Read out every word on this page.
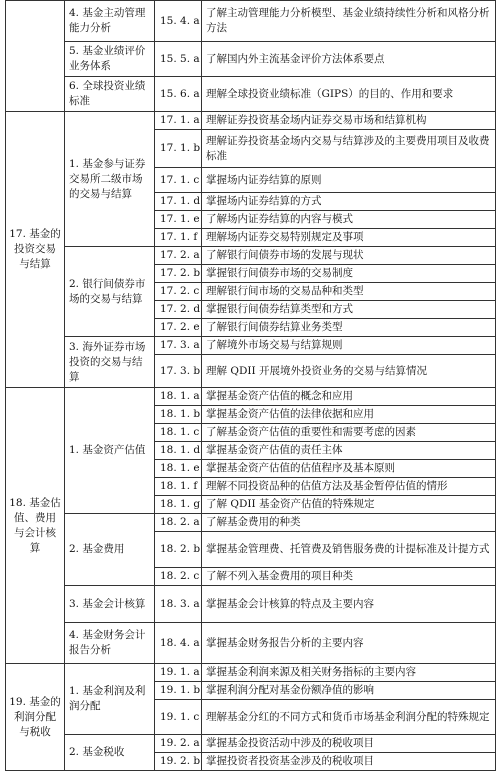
	4. 基金主动管理能力分析	15. 4. a	了解主动管理能力分析模型、基金业绩持续性分析和风格分析方法
	5. 基金业绩评价业务体系	15. 5. a	了解国内外主流基金评价方法体系要点
	6. 全球投资业绩标准	15. 6. a	理解全球投资业绩标准（GIPS）的目的、作用和要求
17. 基金的投资交易与结算	1. 基金参与证券交易所二级市场的交易与结算	17. 1. a	理解证券投资基金场内证券交易市场和结算机构
		17. 1. b	理解证券投资基金场内交易与结算涉及的主要费用项目及收费标准
		17. 1. c	掌握场内证券结算的原则
		17. 1. d	掌握场内证券结算的方式
		17. 1. e	了解场内证券结算的内容与模式
		17. 1. f	理解场内证券交易特别规定及事项
	2. 银行间债券市场的交易与结算	17. 2. a	了解银行间债券市场的发展与现状
		17. 2. b	掌握银行间债券市场的交易制度
		17. 2. c	理解银行间市场的交易品种和类型
		17. 2. d	掌握银行间债券结算类型和方式
		17. 2. e	了解银行间债券结算业务类型
	3. 海外证券市场投资的交易与结算	17. 3. a	了解境外市场交易与结算规则
		17. 3. b	理解 QDII 开展境外投资业务的交易与结算情况
18. 基金估值、费用与会计核算	1. 基金资产估值	18. 1. a	掌握基金资产估值的概念和应用
		18. 1. b	掌握基金资产估值的法律依据和应用
		18. 1. c	了解基金资产估值的重要性和需要考虑的因素
		18. 1. d	掌握基金资产估值的责任主体
		18. 1. e	掌握基金资产估值的估值程序及基本原则
		18. 1. f	理解不同投资品种的估值方法及基金暂停估值的情形
		18. 1. g	了解 QDII 基金资产估值的特殊规定
	2. 基金费用	18. 2. a	了解基金费用的种类
		18. 2. b	掌握基金管理费、托管费及销售服务费的计提标准及计提方式
		18. 2. c	了解不列入基金费用的项目种类
	3. 基金会计核算	18. 3. a	掌握基金会计核算的特点及主要内容
	4. 基金财务会计报告分析	18. 4. a	掌握基金财务报告分析的主要内容
19. 基金的利润分配与税收	1. 基金利润及利润分配	19. 1. a	掌握基金利润来源及相关财务指标的主要内容
		19. 1. b	掌握利润分配对基金份额净值的影响
		19. 1. c	理解基金分红的不同方式和货币市场基金利润分配的特殊规定
	2. 基金税收	19. 2. a	掌握基金投资活动中涉及的税收项目
		19. 2. b	掌握投资者投资基金涉及的税收项目
